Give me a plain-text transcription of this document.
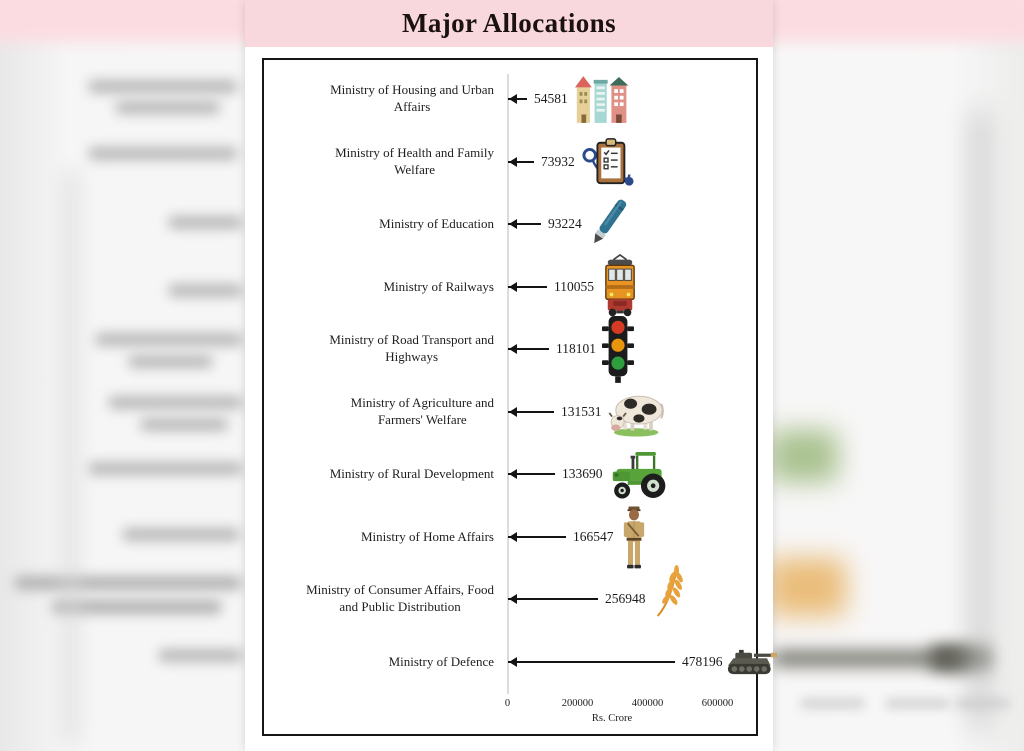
Major Allocations
Ministry of Housing and Urban
Affairs
54581
Ministry of Health and Family
Welfare
73932
Ministry of Education	93224
Ministry of Railways	110055
Ministry of Road Transport and
Highways
118101
Ministry of Agriculture and
Farmers' Welfare
131531
Ministry of Rural Development	133690
Ministry of Home Affairs	166547
Ministry of Consumer Affairs, Food
and Public Distribution
256948
Ministry of Defence	478196
0	200000	400000	600000
Rs. Crore
